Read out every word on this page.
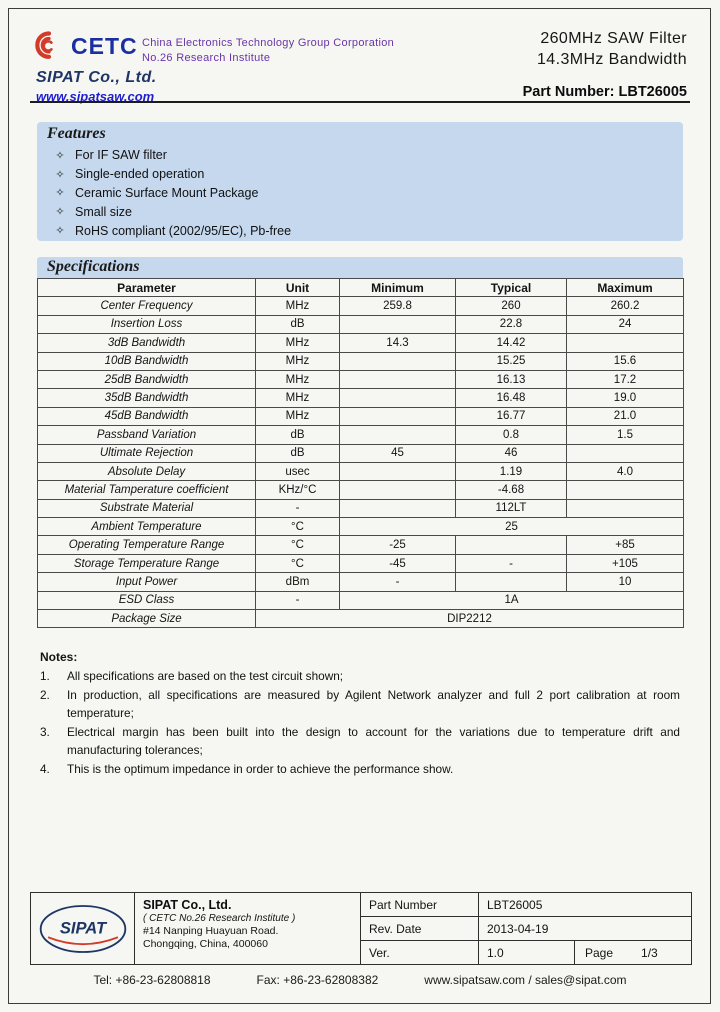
CETC China Electronics Technology Group Corporation
No.26 Research Institute
SIPAT Co., Ltd.
www.sipatsaw.com
260MHz SAW Filter
14.3MHz Bandwidth
Part Number: LBT26005
Features
✧ For IF SAW filter
✧ Single-ended operation
✧ Ceramic Surface Mount Package
✧ Small size
✧ RoHS compliant (2002/95/EC), Pb-free
Specifications
Parameter	Unit	Minimum	Typical	Maximum
Center Frequency	MHz	259.8	260	260.2
Insertion Loss	dB		22.8	24
3dB Bandwidth	MHz	14.3	14.42	
10dB Bandwidth	MHz		15.25	15.6
25dB Bandwidth	MHz		16.13	17.2
35dB Bandwidth	MHz		16.48	19.0
45dB Bandwidth	MHz		16.77	21.0
Passband Variation	dB		0.8	1.5
Ultimate Rejection	dB	45	46	
Absolute Delay	usec		1.19	4.0
Material Tamperature coefficient	KHz/°C		-4.68	
Substrate Material	-		112LT	
Ambient Temperature	°C	25		
Operating Temperature Range	°C	-25		+85
Storage Temperature Range	°C	-45	-	+105
Input Power	dBm	-		10
ESD Class	-	1A		
Package Size	DIP2212			
Notes:
1.	All specifications are based on the test circuit shown;
2.	In production, all specifications are measured by Agilent Network analyzer and full 2 port calibration at room temperature;
3.	Electrical margin has been built into the design to account for the variations due to temperature drift and manufacturing tolerances;
4.	This is the optimum impedance in order to achieve the performance show.
SIPAT
SIPAT Co., Ltd.
( CETC No.26 Research Institute )
#14 Nanping Huayuan Road.
Chongqing, China, 400060
Part Number	LBT26005
Rev. Date	2013-04-19
Ver.	1.0	Page 1/3
Tel: +86-23-62808818	Fax: +86-23-62808382	www.sipatsaw.com / sales@sipat.com
